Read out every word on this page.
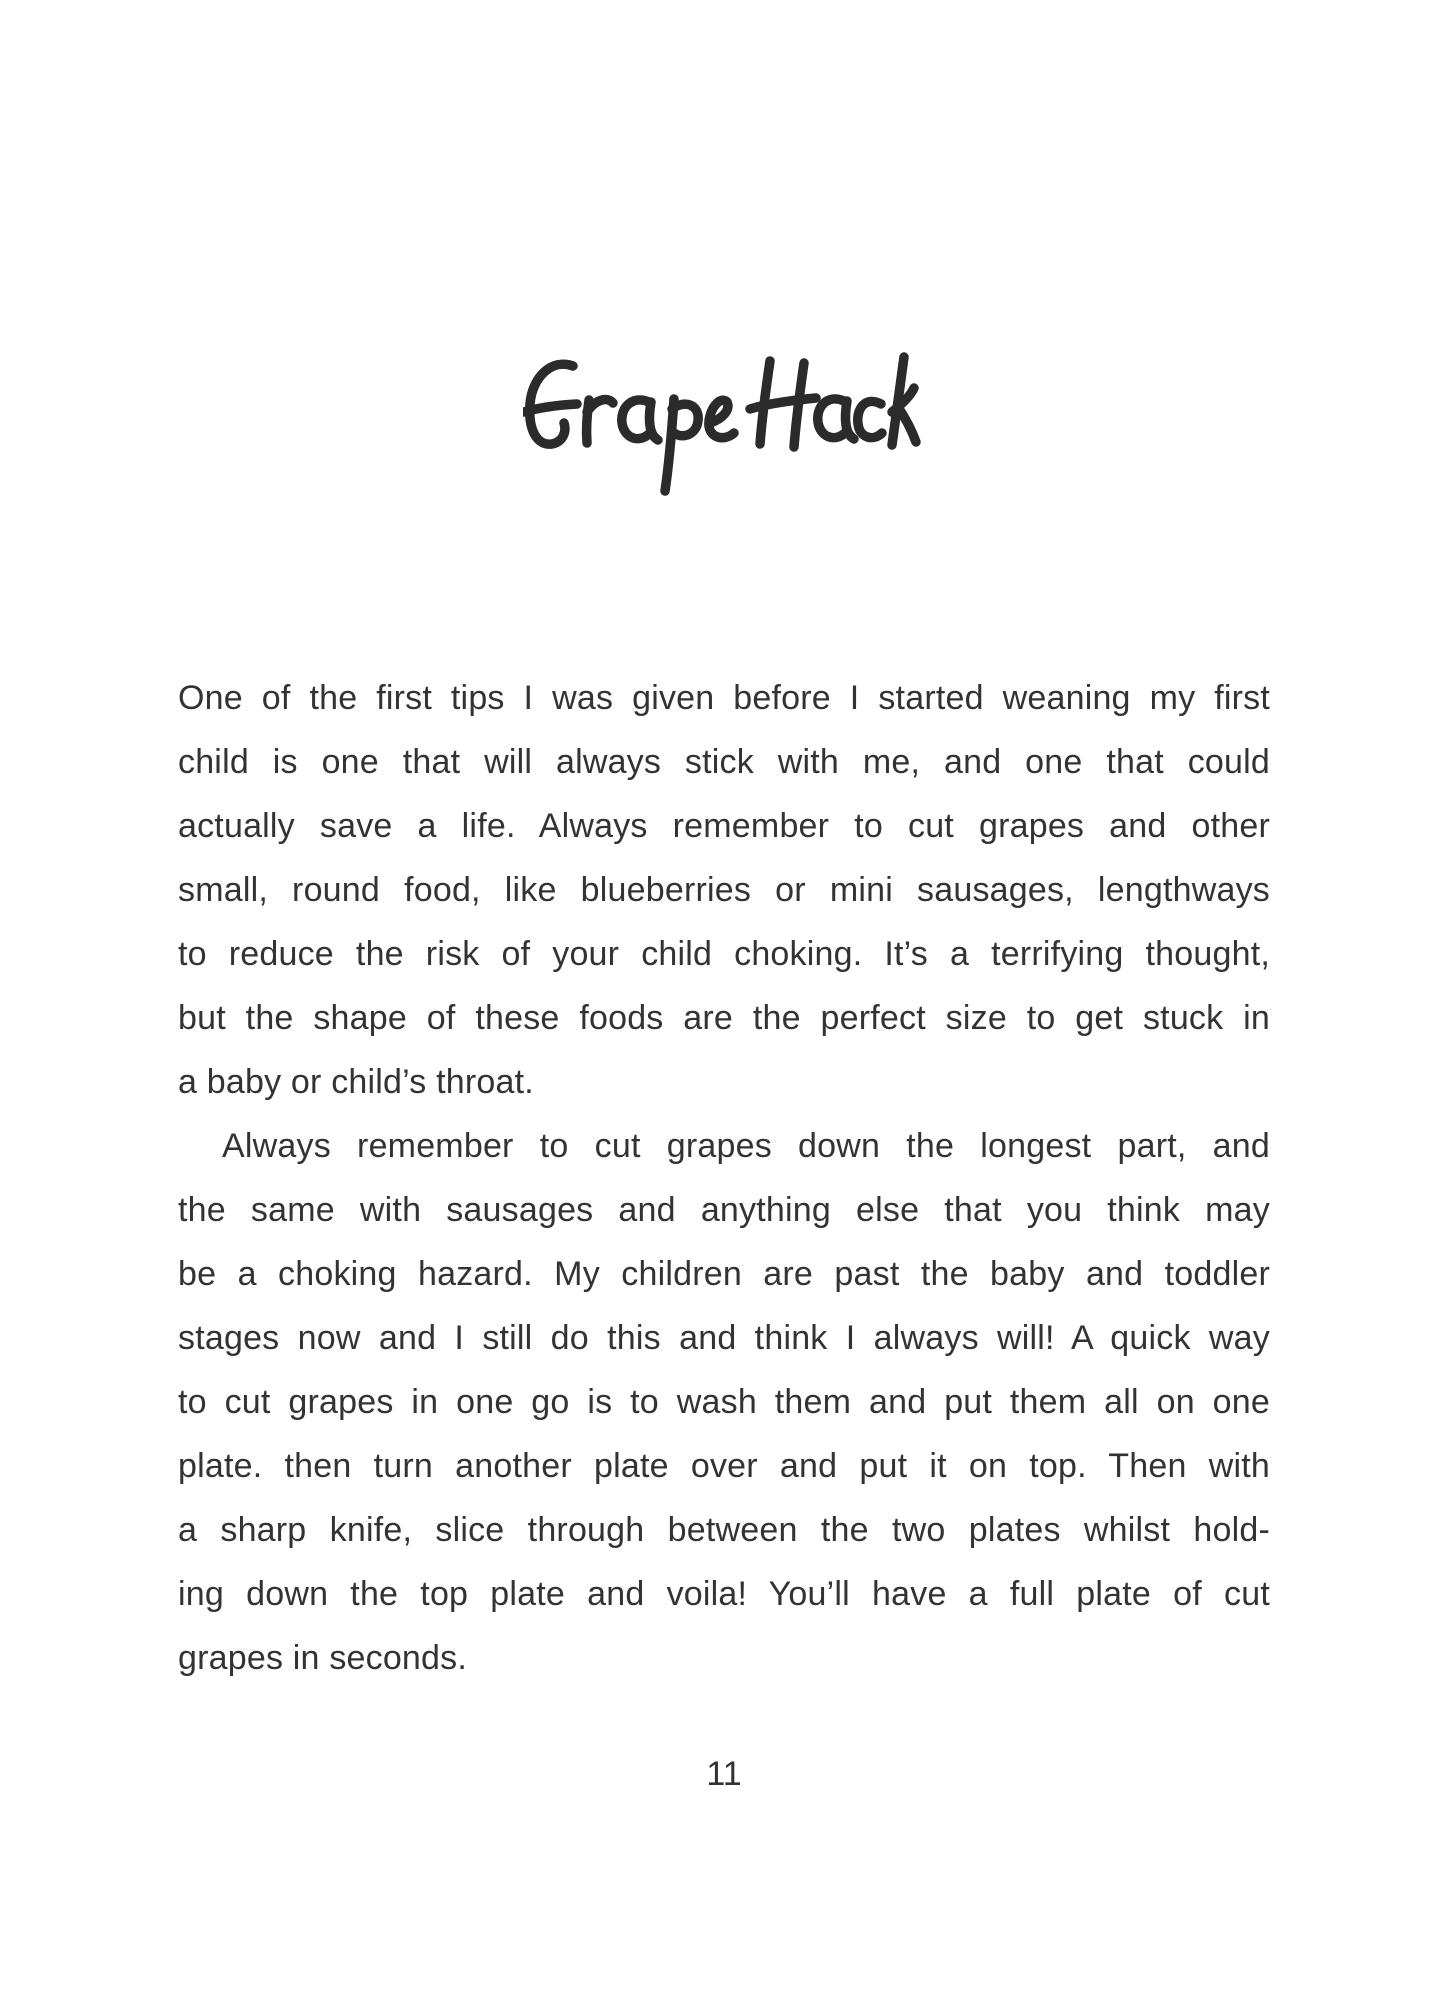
One of the first tips I was given before I started weaning my first
child is one that will always stick with me, and one that could
actually save a life. Always remember to cut grapes and other
small, round food, like blueberries or mini sausages, lengthways
to reduce the risk of your child choking. It’s a terrifying thought,
but the shape of these foods are the perfect size to get stuck in
a baby or child’s throat.
Always remember to cut grapes down the longest part, and
the same with sausages and anything else that you think may
be a choking hazard. My children are past the baby and toddler
stages now and I still do this and think I always will! A quick way
to cut grapes in one go is to wash them and put them all on one
plate. then turn another plate over and put it on top. Then with
a sharp knife, slice through between the two plates whilst hold-
ing down the top plate and voila! You’ll have a full plate of cut
grapes in seconds.
11
